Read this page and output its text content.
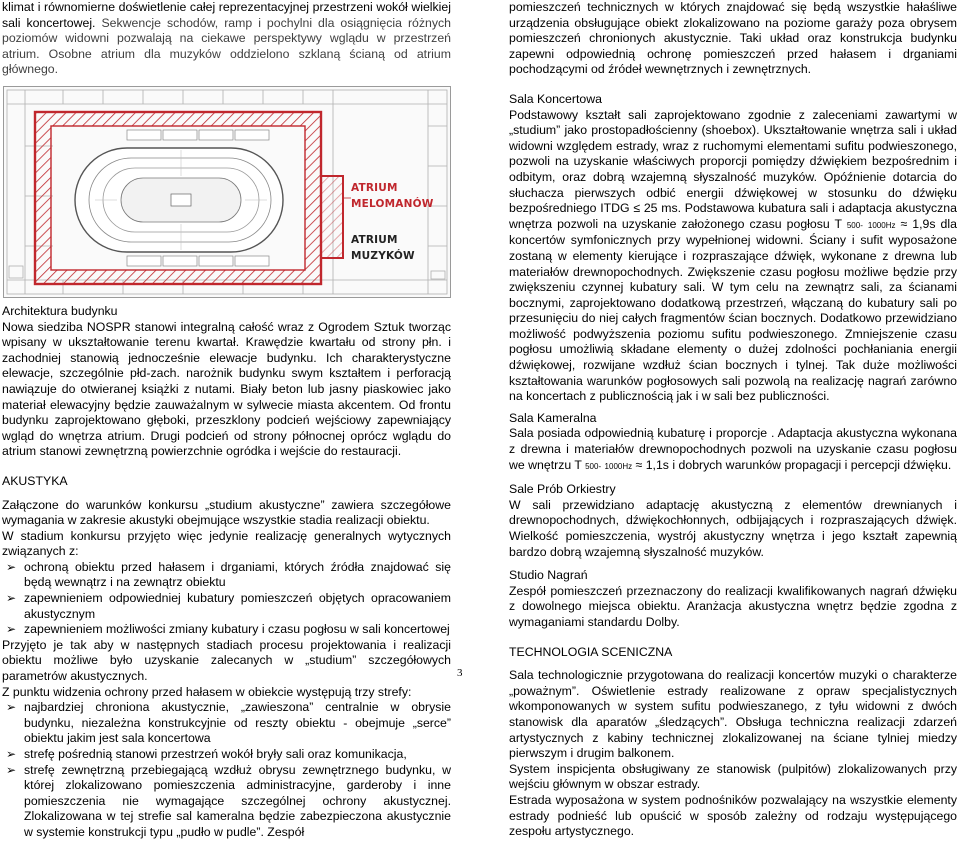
klimat i równomierne doświetlenie całej reprezentacyjnej przestrzeni wokół wielkiej sali koncertowej. Sekwencje schodów, ramp i pochylni dla osiągnięcia różnych poziomów widowni pozwalają na ciekawe perspektywy wglądu w przestrzeń atrium. Osobne atrium dla muzyków oddzielono szklaną ścianą od atrium głównego.

ATRIUM MELOMANÓW
ATRIUM MUZYKÓW

Architektura budynku

Nowa siedziba NOSPR stanowi integralną całość wraz z Ogrodem Sztuk tworząc wpisany w ukształtowanie terenu kwartał. Krawędzie kwartału od strony płn. i zachodniej stanowią jednocześnie elewacje budynku. Ich charakterystyczne elewacje, szczególnie płd-zach. narożnik budynku swym kształtem i perforacją nawiązuje do otwieranej książki z nutami. Biały beton lub jasny piaskowiec jako materiał elewacyjny będzie zauważalnym w sylwecie miasta akcentem. Od frontu budynku zaprojektowano głęboki, przeszklony podcień wejściowy zapewniający wgląd do wnętrza atrium. Drugi podcień od strony północnej oprócz wglądu do atrium stanowi zewnętrzną powierzchnie ogródka i wejście do restauracji.

AKUSTYKA

Załączone do warunków konkursu „studium akustyczne” zawiera szczegółowe wymagania w zakresie akustyki obejmujące wszystkie stadia realizacji obiektu.

W stadium konkursu przyjęto więc jedynie realizację generalnych wytycznych związanych z:

➢ ochroną obiektu przed hałasem i drganiami, których źródła znajdować się będą wewnątrz i na zewnątrz obiektu
➢ zapewnieniem odpowiedniej kubatury pomieszczeń objętych opracowaniem akustycznym
➢ zapewnieniem możliwości zmiany kubatury i czasu pogłosu w sali koncertowej

Przyjęto je tak aby w następnych stadiach procesu projektowania i realizacji obiektu możliwe było uzyskanie zalecanych w „studium” szczegółowych parametrów akustycznych.

Z punktu widzenia ochrony przed hałasem w obiekcie występują trzy strefy:

➢ najbardziej chroniona akustycznie, „zawieszona” centralnie w obrysie budynku, niezależna konstrukcyjnie od reszty obiektu - obejmuje „serce” obiektu jakim jest sala koncertowa
➢ strefę pośrednią stanowi przestrzeń wokół bryły sali oraz komunikacja,
➢ strefę zewnętrzną przebiegającą wzdłuż obrysu zewnętrznego budynku, w której zlokalizowano pomieszczenia administracyjne, garderoby i inne pomieszczenia nie wymagające szczególnej ochrony akustycznej. Zlokalizowana w tej strefie sal kameralna będzie zabezpieczona akustycznie w systemie konstrukcji typu „pudło w pudle”. Zespół

pomieszczeń technicznych w których znajdować się będą wszystkie hałaśliwe urządzenia obsługujące obiekt zlokalizowano na poziome garaży poza obrysem pomieszczeń chronionych akustycznie. Taki układ oraz konstrukcja budynku zapewni odpowiednią ochronę pomieszczeń przed hałasem i drganiami pochodzącymi od źródeł wewnętrznych i zewnętrznych.

Sala Koncertowa

Podstawowy kształt sali zaprojektowano zgodnie z zaleceniami zawartymi w „studium” jako prostopadłościenny (shoebox). Ukształtowanie wnętrza sali i układ widowni względem estrady, wraz z ruchomymi elementami sufitu podwieszonego, pozwoli na uzyskanie właściwych proporcji pomiędzy dźwiękiem bezpośrednim i odbitym, oraz dobrą wzajemną słyszalność muzyków. Opóźnienie dotarcia do słuchacza pierwszych odbić energii dźwiękowej w stosunku do dźwięku bezpośredniego ITDG ≤ 25 ms. Podstawowa kubatura sali i adaptacja akustyczna wnętrza pozwoli na uzyskanie założonego czasu pogłosu T 500- 1000Hz ≈ 1,9s dla koncertów symfonicznych przy wypełnionej widowni. Ściany i sufit wyposażone zostaną w elementy kierujące i rozpraszające dźwięk, wykonane z drewna lub materiałów drewnopochodnych. Zwiększenie czasu pogłosu możliwe będzie przy zwiększeniu czynnej kubatury sali. W tym celu na zewnątrz sali, za ścianami bocznymi, zaprojektowano dodatkową przestrzeń, włączaną do kubatury sali po przesunięciu do niej całych fragmentów ścian bocznych. Dodatkowo przewidziano możliwość podwyższenia poziomu sufitu podwieszonego. Zmniejszenie czasu pogłosu umożliwią składane elementy o dużej zdolności pochłaniania energii dźwiękowej, rozwijane wzdłuż ścian bocznych i tylnej. Tak duże możliwości kształtowania warunków pogłosowych sali pozwolą na realizację nagrań zarówno na koncertach z publicznością jak i w sali bez publiczności.

Sala Kameralna

Sala posiada odpowiednią kubaturę i proporcje . Adaptacja akustyczna wykonana z drewna i materiałów drewnopochodnych pozwoli na uzyskanie czasu pogłosu we wnętrzu T 500- 1000Hz ≈ 1,1s i dobrych warunków propagacji i percepcji dźwięku.

Sale Prób Orkiestry

W sali przewidziano adaptację akustyczną z elementów drewnianych i drewnopochodnych, dźwiękochłonnych, odbijających i rozpraszających dźwięk. Wielkość pomieszczenia, wystrój akustyczny wnętrza i jego kształt zapewnią bardzo dobrą wzajemną słyszalność muzyków.

Studio Nagrań

Zespół pomieszczeń przeznaczony do realizacji kwalifikowanych nagrań dźwięku z dowolnego miejsca obiektu. Aranżacja akustyczna wnętrz będzie zgodna z wymaganiami standardu Dolby.

TECHNOLOGIA SCENICZNA

Sala technologicznie przygotowana do realizacji koncertów muzyki o charakterze „poważnym”. Oświetlenie estrady realizowane z opraw specjalistycznych wkomponowanych w system sufitu podwieszanego, z tyłu widowni z dwóch stanowisk dla aparatów „śledzących”. Obsługa technicznа realizacji zdarzeń artystycznych z kabiny technicznej zlokalizowanej na ściane tylniej miedzy pierwszym i drugim balkonem.

System inspicjenta obsługiwany ze stanowisk (pulpitów) zlokalizowanych przy wejściu głównym w obszar estrady.

Estrada wyposażona w system podnośników pozwalający na wszystkie elementy estrady podnieść lub opuścić w sposób zależny od rodzaju występującego zespołu artystycznego.

3
